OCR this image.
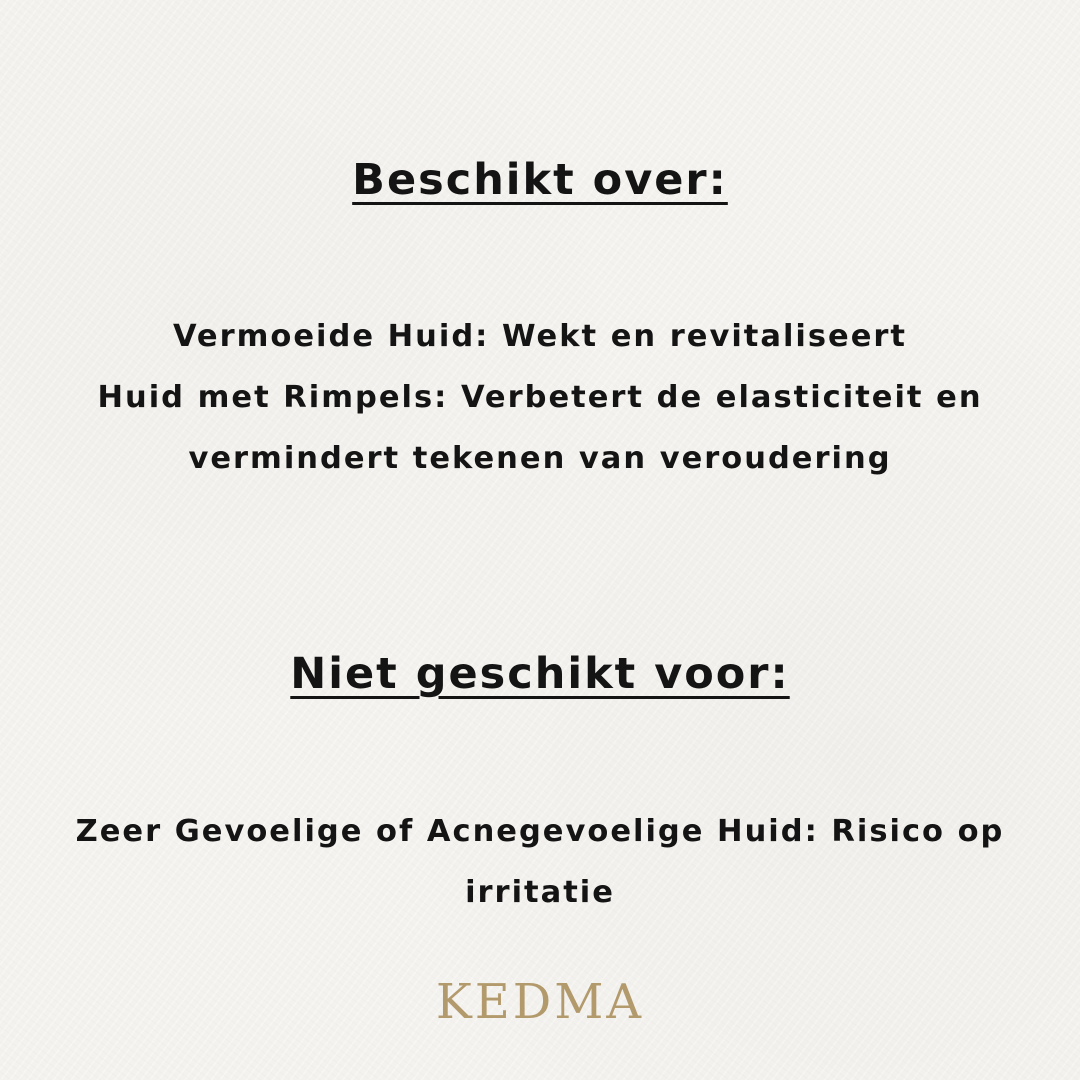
Beschikt over:
Vermoeide Huid: Wekt en revitaliseert
Huid met Rimpels: Verbetert de elasticiteit en
vermindert tekenen van veroudering
Niet geschikt voor:
Zeer Gevoelige of Acnegevoelige Huid: Risico op
irritatie
KEDMA
